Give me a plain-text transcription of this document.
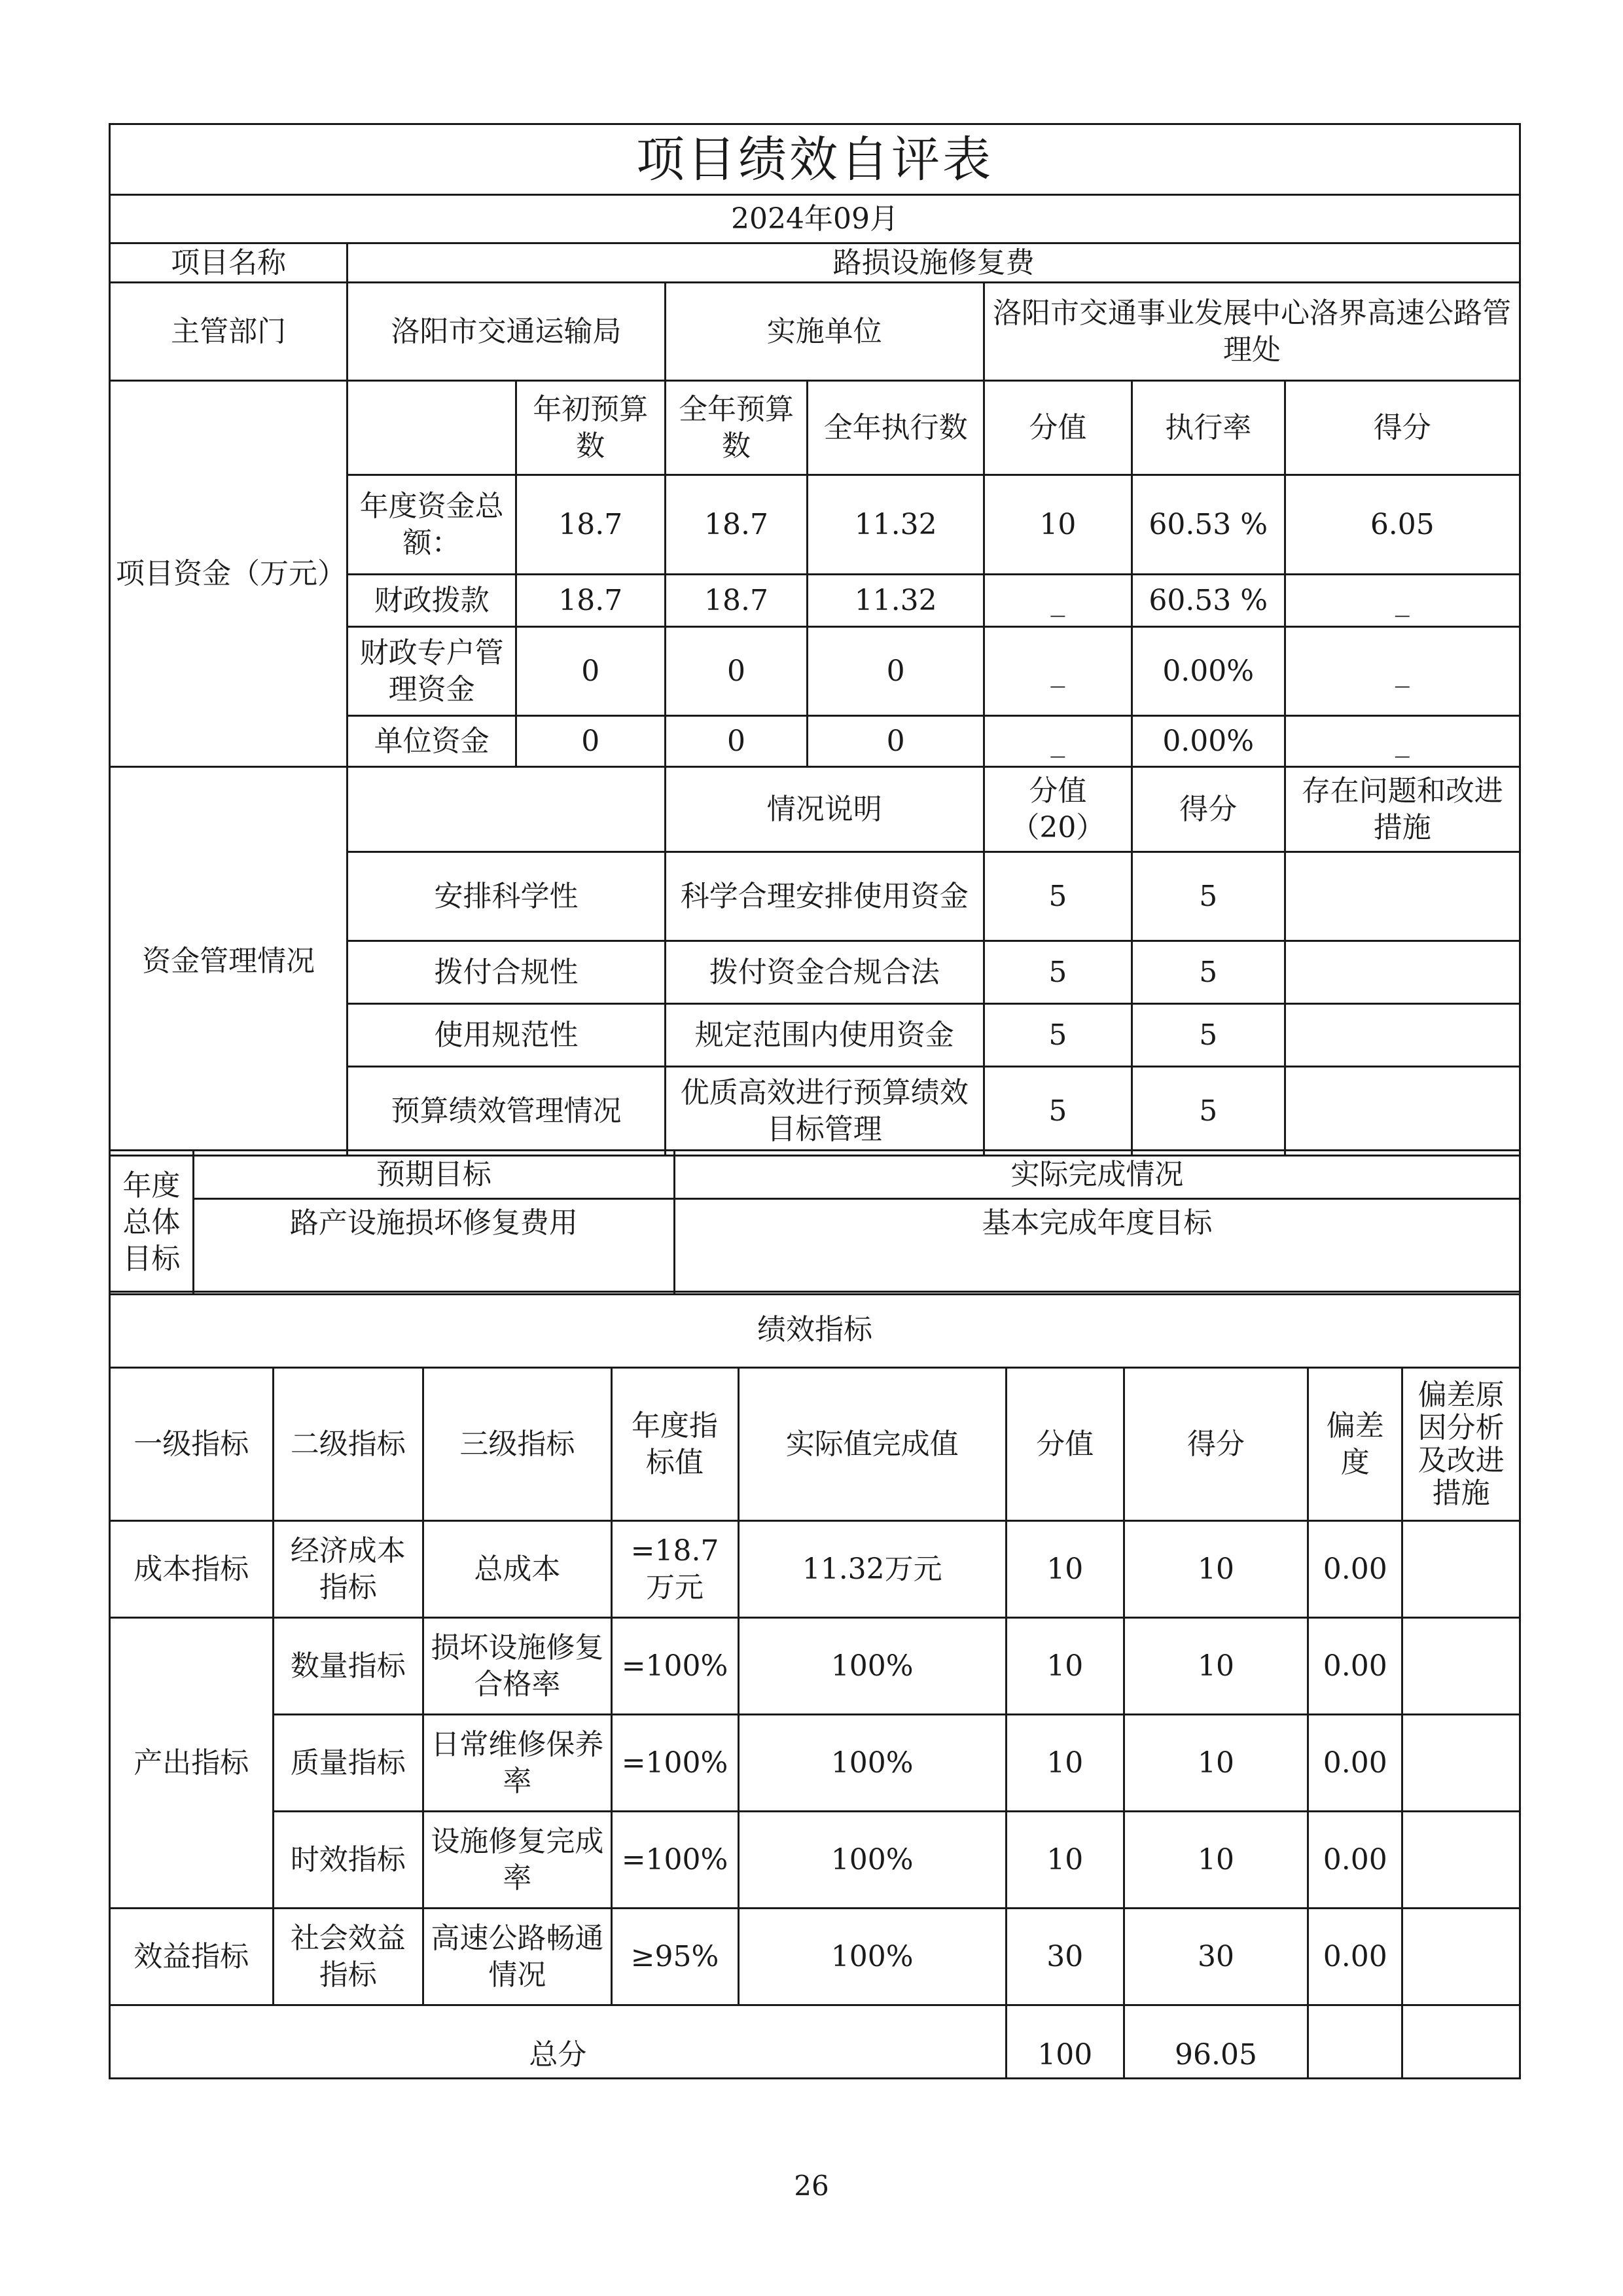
项目绩效自评表							
2024年09月							
项目名称	路损设施修复费						
主管部门	洛阳市交通运输局		实施单位		洛阳市交通事业发展中心洛界高速公路管理处		
项目资金（万元）		年初预算数	全年预算数	全年执行数	分值	执行率	得分
	年度资金总额：	18.7	18.7	11.32	10	60.53 %	6.05
	财政拨款	18.7	18.7	11.32	_	60.53 %	_
	财政专户管理资金	0	0	0	_	0.00%	_
	单位资金	0	0	0	_	0.00%	_
资金管理情况			情况说明		分值（20）	得分	存在问题和改进措施
	安排科学性		科学合理安排使用资金		5	5	
	拨付合规性		拨付资金合规合法		5	5	
	使用规范性		规定范围内使用资金		5	5	
	预算绩效管理情况		优质高效进行预算绩效目标管理		5	5	
年度总体目标	预期目标	实际完成情况
	路产设施损坏修复费用	基本完成年度目标
绩效指标								
一级指标	二级指标	三级指标	年度指标值	实际值完成值	分值	得分	偏差度	偏差原因分析及改进措施
成本指标	经济成本指标	总成本	=18.7万元	11.32万元	10	10	0.00	
产出指标	数量指标	损坏设施修复合格率	=100%	100%	10	10	0.00	
	质量指标	日常维修保养率	=100%	100%	10	10	0.00	
	时效指标	设施修复完成率	=100%	100%	10	10	0.00	
效益指标	社会效益指标	高速公路畅通情况	≥95%	100%	30	30	0.00	
总分					100	96.05		
26
